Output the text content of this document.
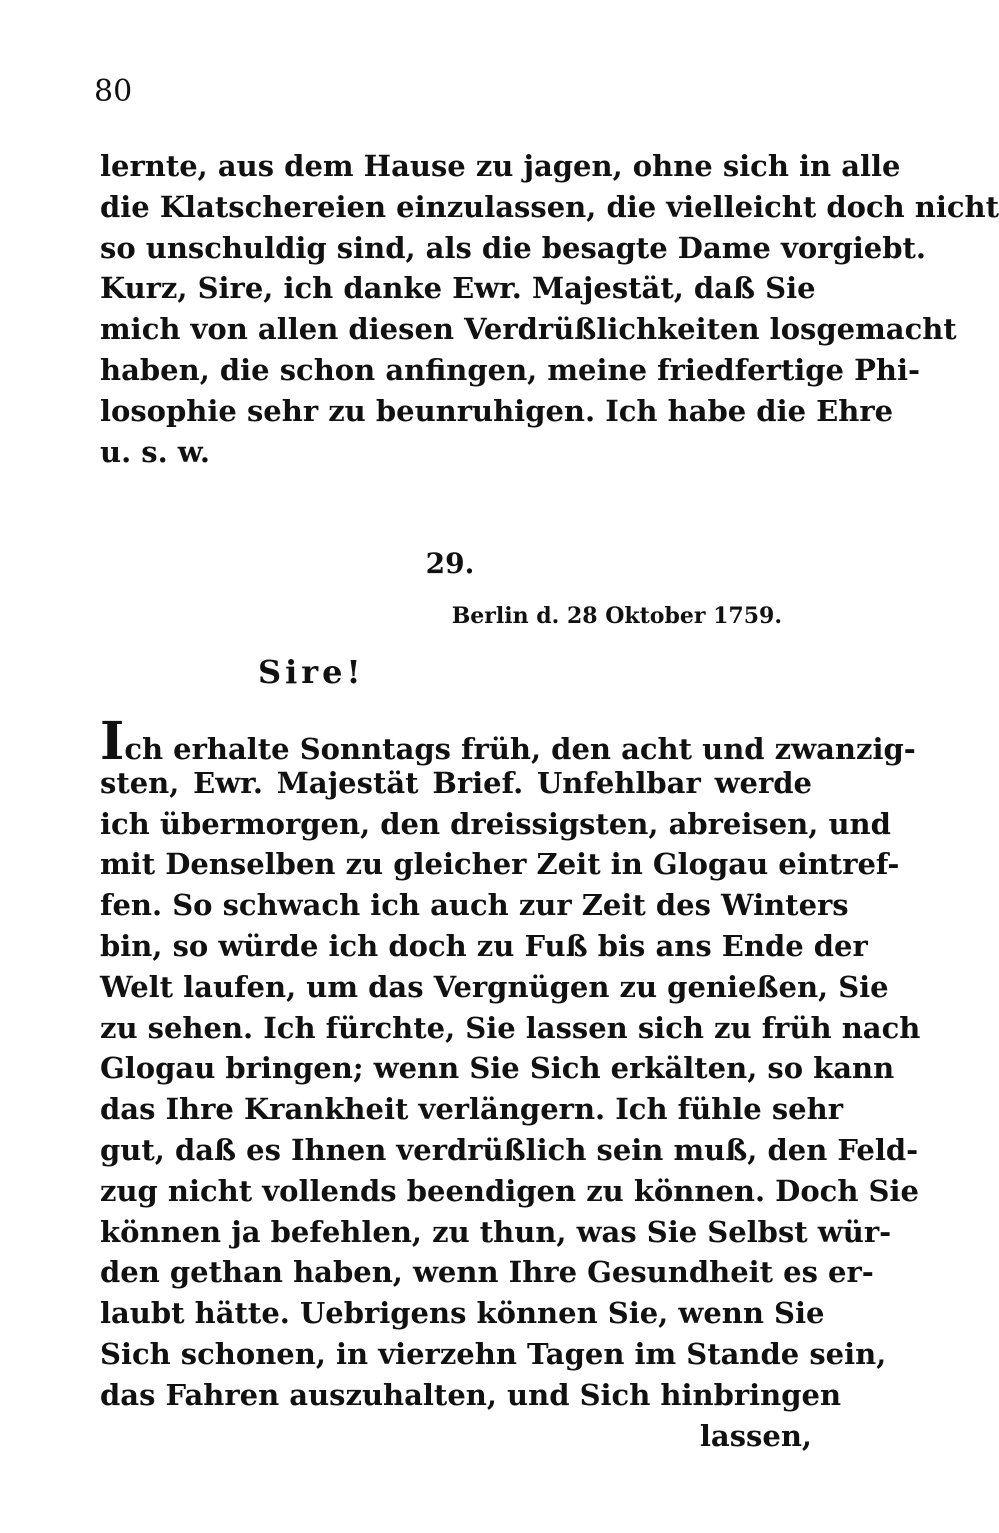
80
lernte, aus dem Hause zu jagen, ohne sich in alle
die Klatschereien einzulassen, die vielleicht doch nicht
so unschuldig sind, als die besagte Dame vorgiebt.
Kurz, Sire, ich danke Ewr. Majestät, daß Sie
mich von allen diesen Verdrüßlichkeiten losgemacht
haben, die schon anfingen, meine friedfertige Phi-
losophie sehr zu beunruhigen. Ich habe die Ehre
u. s. w.
29.
Berlin d. 28 Oktober 1759.
Sire!
Ich erhalte Sonntags früh, den acht und zwanzig-
sten, Ewr. Majestät Brief. Unfehlbar werde
ich übermorgen, den dreissigsten, abreisen, und
mit Denselben zu gleicher Zeit in Glogau eintref-
fen. So schwach ich auch zur Zeit des Winters
bin, so würde ich doch zu Fuß bis ans Ende der
Welt laufen, um das Vergnügen zu genießen, Sie
zu sehen. Ich fürchte, Sie lassen sich zu früh nach
Glogau bringen; wenn Sie Sich erkälten, so kann
das Ihre Krankheit verlängern. Ich fühle sehr
gut, daß es Ihnen verdrüßlich sein muß, den Feld-
zug nicht vollends beendigen zu können. Doch Sie
können ja befehlen, zu thun, was Sie Selbst wür-
den gethan haben, wenn Ihre Gesundheit es er-
laubt hätte. Uebrigens können Sie, wenn Sie
Sich schonen, in vierzehn Tagen im Stande sein,
das Fahren auszuhalten, und Sich hinbringen
lassen,
